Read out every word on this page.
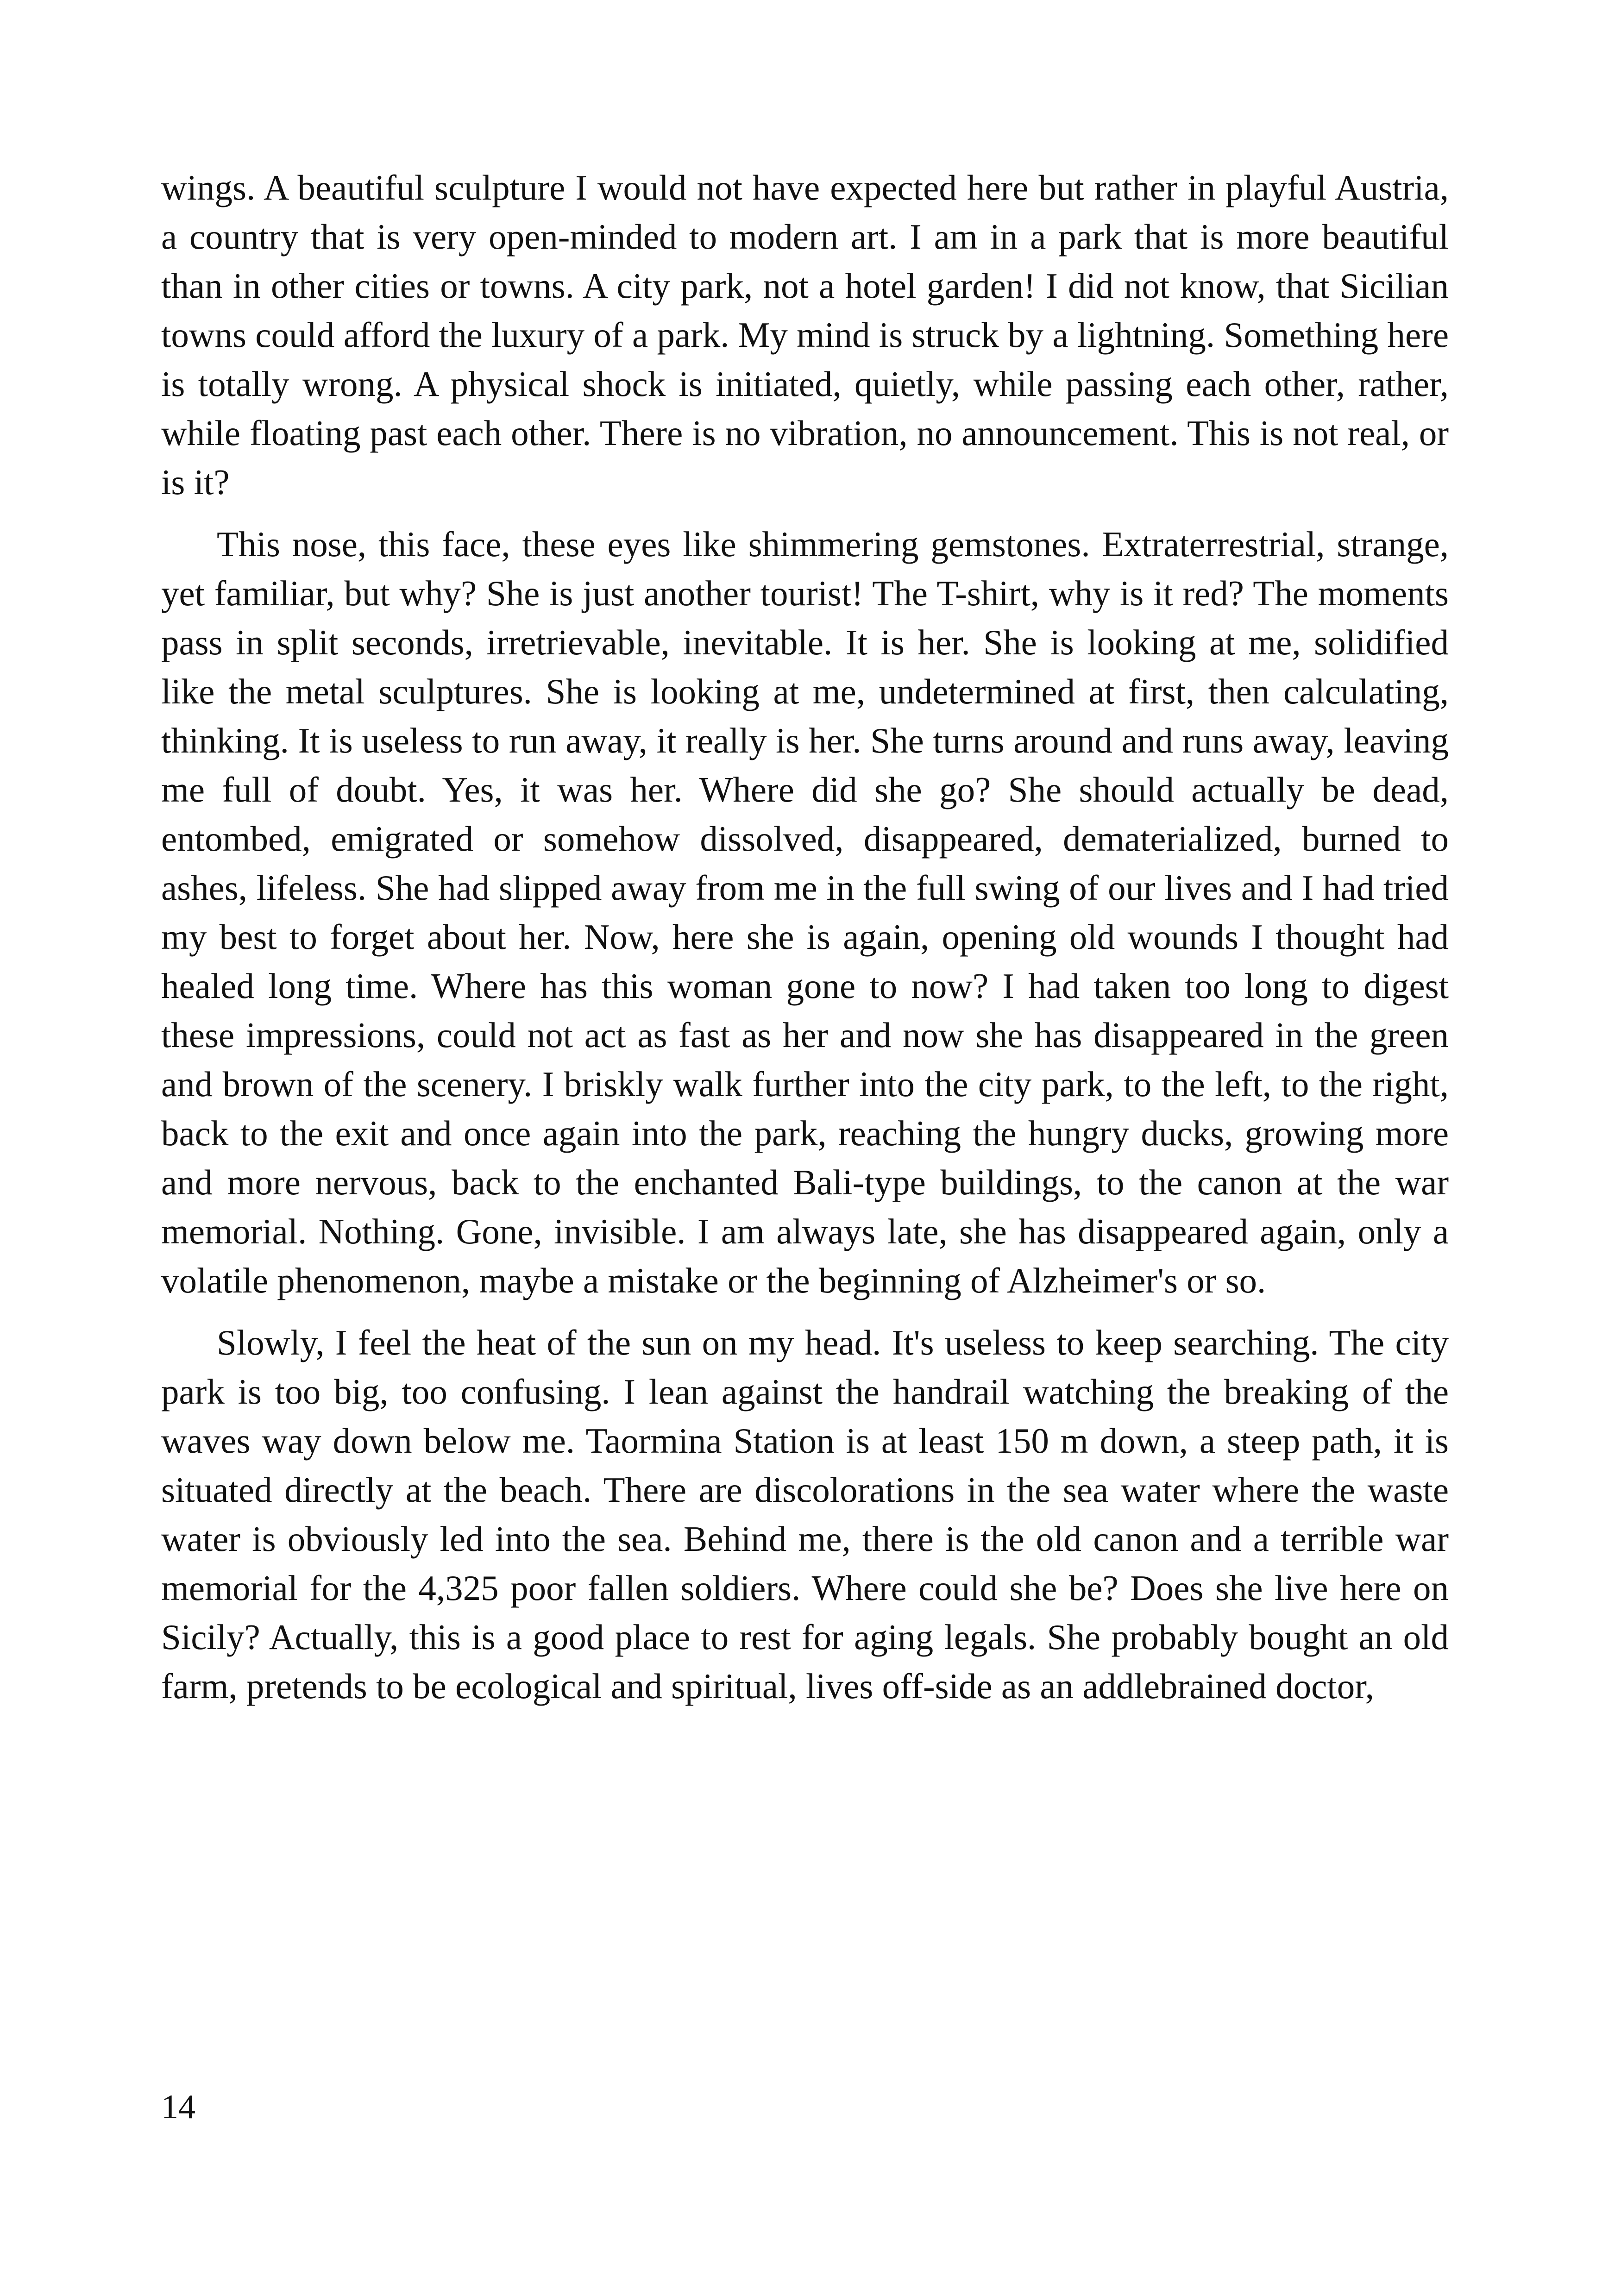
wings. A beautiful sculpture I would not have expected here but rather in playful Austria, a country that is very open-minded to modern art. I am in a park that is more beautiful than in other cities or towns. A city park, not a hotel garden! I did not know, that Sicilian towns could afford the luxury of a park. My mind is struck by a lightning. Something here is totally wrong. A physical shock is initiated, quietly, while passing each other, rather, while floating past each other. There is no vibration, no announcement. This is not real, or is it?

This nose, this face, these eyes like shimmering gemstones. Extraterrestrial, strange, yet familiar, but why? She is just another tourist! The T-shirt, why is it red? The moments pass in split seconds, irretrievable, inevitable. It is her. She is looking at me, solidified like the metal sculptures. She is looking at me, undetermined at first, then calculating, thinking. It is useless to run away, it really is her. She turns around and runs away, leaving me full of doubt. Yes, it was her. Where did she go? She should actually be dead, entombed, emigrated or somehow dissolved, disappeared, dematerialized, burned to ashes, lifeless. She had slipped away from me in the full swing of our lives and I had tried my best to forget about her. Now, here she is again, opening old wounds I thought had healed long time. Where has this woman gone to now? I had taken too long to digest these impressions, could not act as fast as her and now she has disappeared in the green and brown of the scenery. I briskly walk further into the city park, to the left, to the right, back to the exit and once again into the park, reaching the hungry ducks, growing more and more nervous, back to the enchanted Bali-type buildings, to the canon at the war memorial. Nothing. Gone, invisible. I am always late, she has disappeared again, only a volatile phenomenon, maybe a mistake or the beginning of Alzheimer's or so.

Slowly, I feel the heat of the sun on my head. It's useless to keep searching. The city park is too big, too confusing. I lean against the handrail watching the breaking of the waves way down below me. Taormina Station is at least 150 m down, a steep path, it is situated directly at the beach. There are discolorations in the sea water where the waste water is obviously led into the sea. Behind me, there is the old canon and a terrible war memorial for the 4,325 poor fallen soldiers. Where could she be? Does she live here on Sicily? Actually, this is a good place to rest for aging legals. She probably bought an old farm, pretends to be ecological and spiritual, lives off-side as an addlebrained doctor,

14
